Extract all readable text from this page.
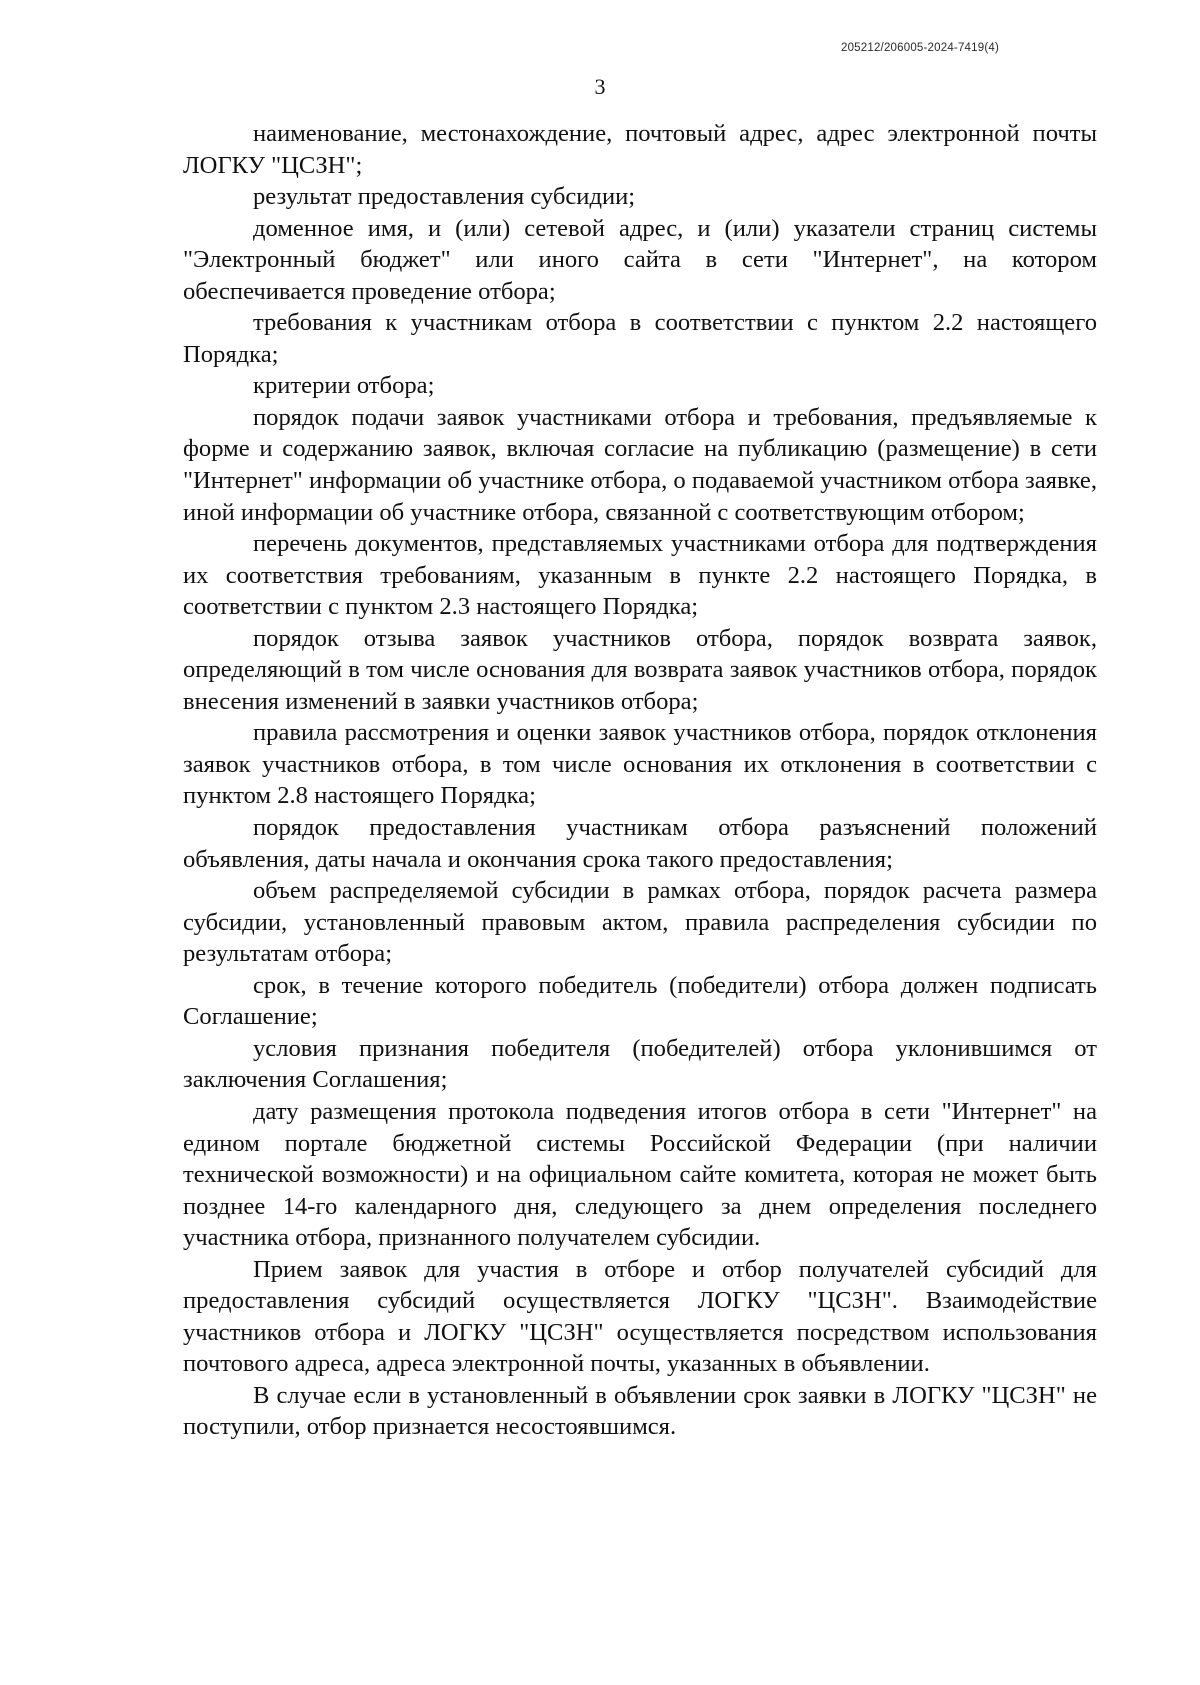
205212/206005-2024-7419(4)
3

наименование, местонахождение, почтовый адрес, адрес электронной почты ЛОГКУ "ЦСЗН";

результат предоставления субсидии;

доменное имя, и (или) сетевой адрес, и (или) указатели страниц системы "Электронный бюджет" или иного сайта в сети "Интернет", на котором обеспечивается проведение отбора;

требования к участникам отбора в соответствии с пунктом 2.2 настоящего Порядка;

критерии отбора;

порядок подачи заявок участниками отбора и требования, предъявляемые к форме и содержанию заявок, включая согласие на публикацию (размещение) в сети "Интернет" информации об участнике отбора, о подаваемой участником отбора заявке, иной информации об участнике отбора, связанной с соответствующим отбором;

перечень документов, представляемых участниками отбора для подтверждения их соответствия требованиям, указанным в пункте 2.2 настоящего Порядка, в соответствии с пунктом 2.3 настоящего Порядка;

порядок отзыва заявок участников отбора, порядок возврата заявок, определяющий в том числе основания для возврата заявок участников отбора, порядок внесения изменений в заявки участников отбора;

правила рассмотрения и оценки заявок участников отбора, порядок отклонения заявок участников отбора, в том числе основания их отклонения в соответствии с пунктом 2.8 настоящего Порядка;

порядок предоставления участникам отбора разъяснений положений объявления, даты начала и окончания срока такого предоставления;

объем распределяемой субсидии в рамках отбора, порядок расчета размера субсидии, установленный правовым актом, правила распределения субсидии по результатам отбора;

срок, в течение которого победитель (победители) отбора должен подписать Соглашение;

условия признания победителя (победителей) отбора уклонившимся от заключения Соглашения;

дату размещения протокола подведения итогов отбора в сети "Интернет" на едином портале бюджетной системы Российской Федерации (при наличии технической возможности) и на официальном сайте комитета, которая не может быть позднее 14-го календарного дня, следующего за днем определения последнего участника отбора, признанного получателем субсидии.

Прием заявок для участия в отборе и отбор получателей субсидий для предоставления субсидий осуществляется ЛОГКУ "ЦСЗН". Взаимодействие участников отбора и ЛОГКУ "ЦСЗН" осуществляется посредством использования почтового адреса, адреса электронной почты, указанных в объявлении.

В случае если в установленный в объявлении срок заявки в ЛОГКУ "ЦСЗН" не поступили, отбор признается несостоявшимся.
